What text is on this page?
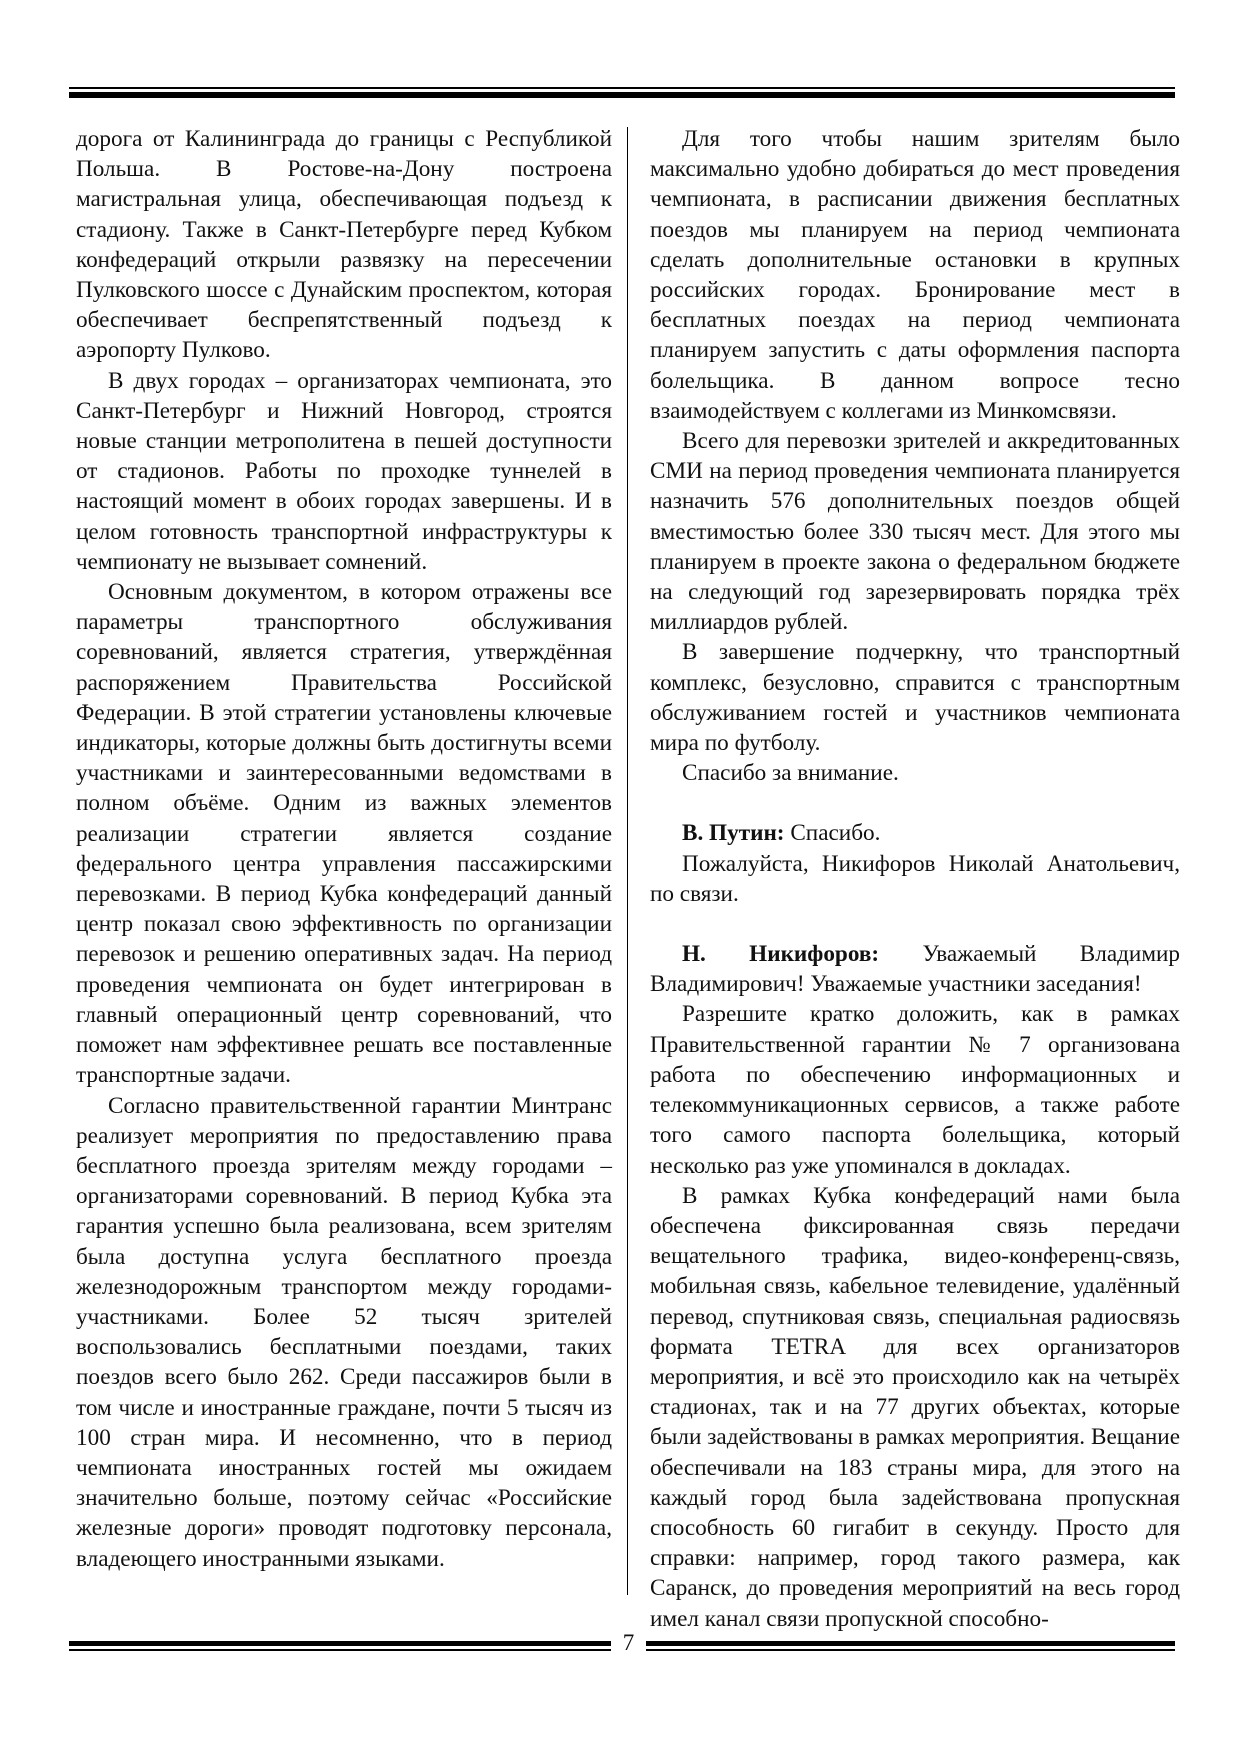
дорога от Калининграда до границы с Республикой Польша. В Ростове-на-Дону построена магистральная улица, обеспечивающая подъезд к стадиону. Также в Санкт-Петербурге перед Кубком конфедераций открыли развязку на пересечении Пулковского шоссе с Дунайским проспектом, которая обеспечивает беспрепятственный подъезд к аэропорту Пулково.

В двух городах – организаторах чемпионата, это Санкт-Петербург и Нижний Новгород, строятся новые станции метрополитена в пешей доступности от стадионов. Работы по проходке туннелей в настоящий момент в обоих городах завершены. И в целом готовность транспортной инфраструктуры к чемпионату не вызывает сомнений.

Основным документом, в котором отражены все параметры транспортного обслуживания соревнований, является стратегия, утверждённая распоряжением Правительства Российской Федерации. В этой стратегии установлены ключевые индикаторы, которые должны быть достигнуты всеми участниками и заинтересованными ведомствами в полном объёме. Одним из важных элементов реализации стратегии является создание федерального центра управления пассажирскими перевозками. В период Кубка конфедераций данный центр показал свою эффективность по организации перевозок и решению оперативных задач. На период проведения чемпионата он будет интегрирован в главный операционный центр соревнований, что поможет нам эффективнее решать все поставленные транспортные задачи.

Согласно правительственной гарантии Минтранс реализует мероприятия по предоставлению права бесплатного проезда зрителям между городами – организаторами соревнований. В период Кубка эта гарантия успешно была реализована, всем зрителям была доступна услуга бесплатного проезда железнодорожным транспортом между городами-участниками. Более 52 тысяч зрителей воспользовались бесплатными поездами, таких поездов всего было 262. Среди пассажиров были в том числе и иностранные граждане, почти 5 тысяч из 100 стран мира. И несомненно, что в период чемпионата иностранных гостей мы ожидаем значительно больше, поэтому сейчас «Российские железные дороги» проводят подготовку персонала, владеющего иностранными языками.

Для того чтобы нашим зрителям было максимально удобно добираться до мест проведения чемпионата, в расписании движения бесплатных поездов мы планируем на период чемпионата сделать дополнительные остановки в крупных российских городах. Бронирование мест в бесплатных поездах на период чемпионата планируем запустить с даты оформления паспорта болельщика. В данном вопросе тесно взаимодействуем с коллегами из Минкомсвязи.

Всего для перевозки зрителей и аккредитованных СМИ на период проведения чемпионата планируется назначить 576 дополнительных поездов общей вместимостью более 330 тысяч мест. Для этого мы планируем в проекте закона о федеральном бюджете на следующий год зарезервировать порядка трёх миллиардов рублей.

В завершение подчеркну, что транспортный комплекс, безусловно, справится с транспортным обслуживанием гостей и участников чемпионата мира по футболу.

Спасибо за внимание.

В. Путин: Спасибо.

Пожалуйста, Никифоров Николай Анатольевич, по связи.

Н. Никифоров: Уважаемый Владимир Владимирович! Уважаемые участники заседания!

Разрешите кратко доложить, как в рамках Правительственной гарантии № 7 организована работа по обеспечению информационных и телекоммуникационных сервисов, а также работе того самого паспорта болельщика, который несколько раз уже упоминался в докладах.

В рамках Кубка конфедераций нами была обеспечена фиксированная связь передачи вещательного трафика, видео-конференц-связь, мобильная связь, кабельное телевидение, удалённый перевод, спутниковая связь, специальная радиосвязь формата TETRA для всех организаторов мероприятия, и всё это происходило как на четырёх стадионах, так и на 77 других объектах, которые были задействованы в рамках мероприятия. Вещание обеспечивали на 183 страны мира, для этого на каждый город была задействована пропускная способность 60 гигабит в секунду. Просто для справки: например, город такого размера, как Саранск, до проведения мероприятий на весь город имел канал связи пропускной способно-

7
